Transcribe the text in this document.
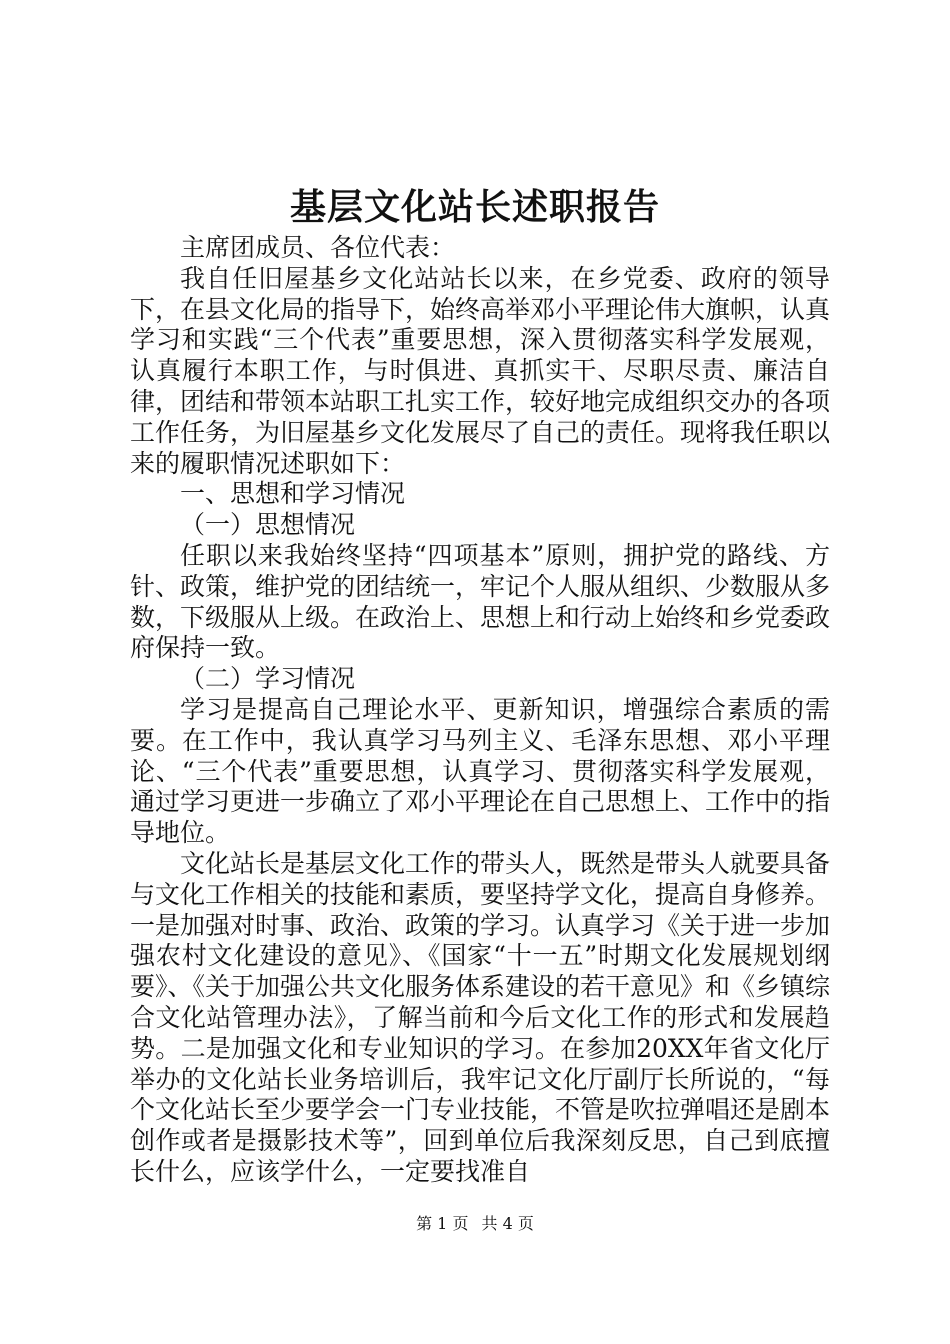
基层文化站长述职报告

主席团成员、各位代表：

我自任旧屋基乡文化站站长以来，在乡党委、政府的领导下，在县文化局的指导下，始终高举邓小平理论伟大旗帜，认真学习和实践“三个代表”重要思想，深入贯彻落实科学发展观，认真履行本职工作，与时俱进、真抓实干、尽职尽责、廉洁自律，团结和带领本站职工扎实工作，较好地完成组织交办的各项工作任务，为旧屋基乡文化发展尽了自己的责任。现将我任职以来的履职情况述职如下：

一、思想和学习情况

（一）思想情况

任职以来我始终坚持“四项基本”原则，拥护党的路线、方针、政策，维护党的团结统一，牢记个人服从组织、少数服从多数，下级服从上级。在政治上、思想上和行动上始终和乡党委政府保持一致。

（二）学习情况

学习是提高自己理论水平、更新知识，增强综合素质的需要。在工作中，我认真学习马列主义、毛泽东思想、邓小平理论、“三个代表”重要思想，认真学习、贯彻落实科学发展观，通过学习更进一步确立了邓小平理论在自己思想上、工作中的指导地位。

文化站长是基层文化工作的带头人，既然是带头人就要具备与文化工作相关的技能和素质，要坚持学文化，提高自身修养。一是加强对时事、政治、政策的学习。认真学习《关于进一步加强农村文化建设的意见》、《国家“十一五”时期文化发展规划纲要》、《关于加强公共文化服务体系建设的若干意见》和《乡镇综合文化站管理办法》，了解当前和今后文化工作的形式和发展趋势。二是加强文化和专业知识的学习。在参加20XX年省文化厅举办的文化站长业务培训后，我牢记文化厅副厅长所说的，“每个文化站长至少要学会一门专业技能，不管是吹拉弹唱还是剧本创作或者是摄影技术等”，回到单位后我深刻反思，自己到底擅长什么，应该学什么，一定要找准自

第 1 页 共 4 页
